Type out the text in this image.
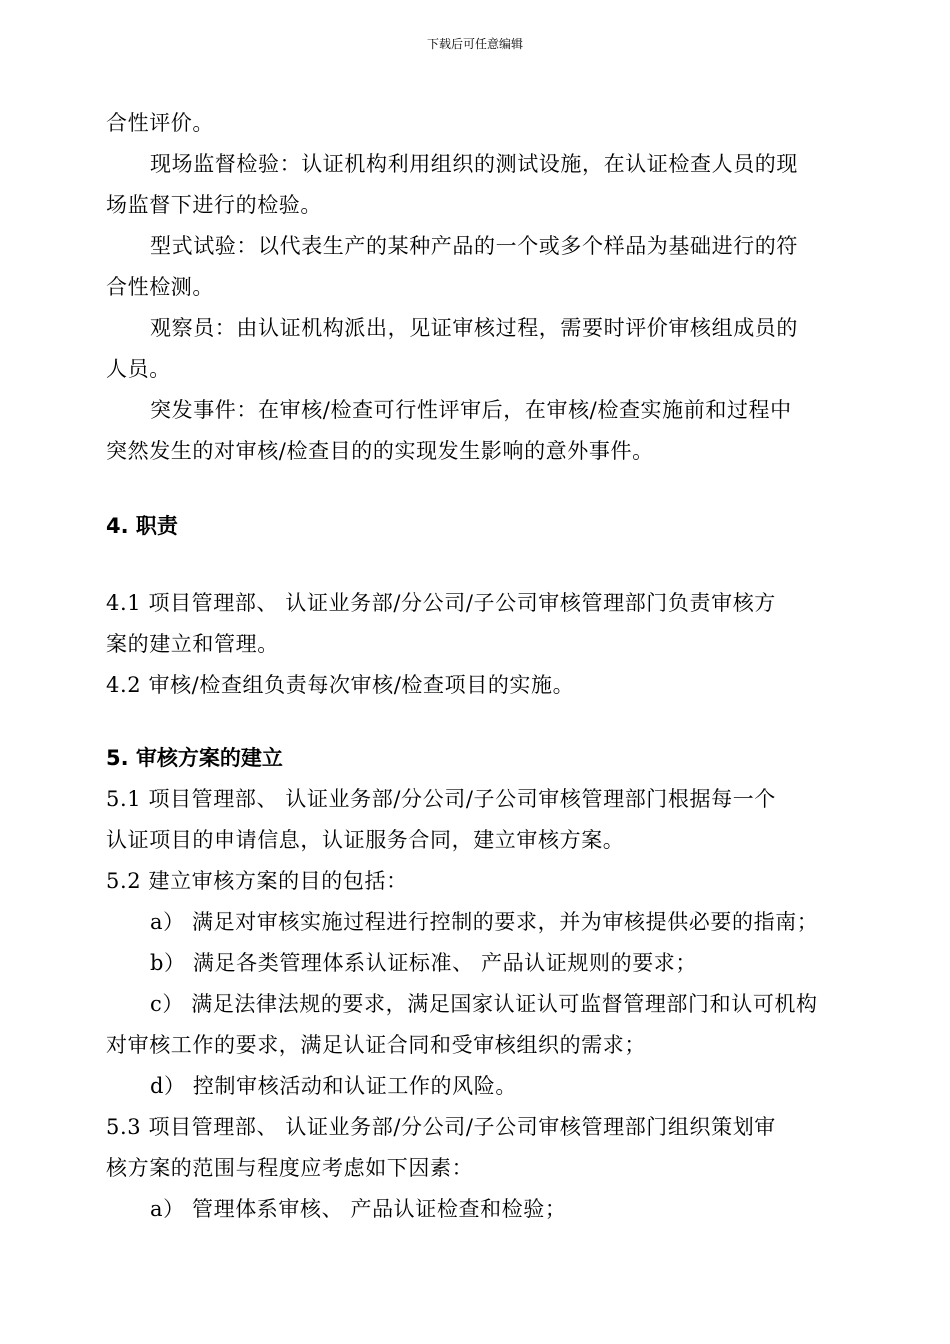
下载后可任意编辑
合性评价。
现场监督检验：认证机构利用组织的测试设施，在认证检查人员的现
场监督下进行的检验。
型式试验：以代表生产的某种产品的一个或多个样品为基础进行的符
合性检测。
观察员：由认证机构派出，见证审核过程，需要时评价审核组成员的
人员。
突发事件：在审核/检查可行性评审后，在审核/检查实施前和过程中
突然发生的对审核/检查目的的实现发生影响的意外事件。
4. 职责
4.1 项目管理部、 认证业务部/分公司/子公司审核管理部门负责审核方
案的建立和管理。
4.2 审核/检查组负责每次审核/检查项目的实施。
5. 审核方案的建立
5.1 项目管理部、 认证业务部/分公司/子公司审核管理部门根据每一个
认证项目的申请信息，认证服务合同，建立审核方案。
5.2 建立审核方案的目的包括：
a） 满足对审核实施过程进行控制的要求，并为审核提供必要的指南；
b） 满足各类管理体系认证标准、 产品认证规则的要求；
c） 满足法律法规的要求，满足国家认证认可监督管理部门和认可机构
对审核工作的要求，满足认证合同和受审核组织的需求；
d） 控制审核活动和认证工作的风险。
5.3 项目管理部、 认证业务部/分公司/子公司审核管理部门组织策划审
核方案的范围与程度应考虑如下因素：
a） 管理体系审核、 产品认证检查和检验；
